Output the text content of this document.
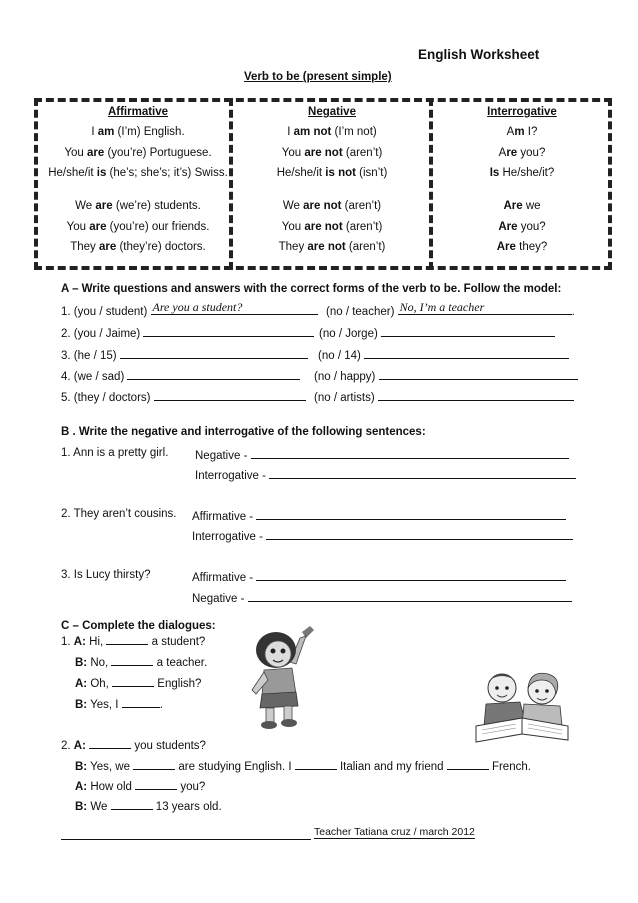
English Worksheet
Verb to be (present simple)
Affirmative	Negative	Interrogative
I am (I’m) English.	I am not (I’m not)	Am I?
You are (you’re) Portuguese.	You are not (aren’t)	Are you?
He/she/it is (he’s; she’s; it’s) Swiss.	He/she/it is not (isn’t)	Is He/she/it?
We are (we’re) students.	We are not (aren’t)	Are we
You are (you’re) our friends.	You are not (aren’t)	Are you?
They are (they’re) doctors.	They are not (aren’t)	Are they?
A – Write questions and answers with the correct forms of the verb to be. Follow the model:
1. (you / student) Are you a student?	(no / teacher) No, I’m a teacher	.
2. (you / Jaime)	(no / Jorge)
3. (he / 15)	(no / 14)
4. (we / sad)	(no / happy)
5. (they / doctors)	(no / artists)
B . Write the negative and interrogative of the following sentences:
1. Ann is a pretty girl. Negative -
Interrogative -
2. They aren’t cousins. Affirmative -
Interrogative -
3. Is Lucy thirsty?	Affirmative -
Negative -
C – Complete the dialogues:
1. A: Hi,	a student?
B: No,	a teacher.
A: Oh,	English?
B: Yes, I	.
2. A:	you students?
B: Yes, we	are studying English. I	Italian and my friend	French.
A: How old	you?
B: We	13 years old.
Teacher Tatiana cruz / march 2012
